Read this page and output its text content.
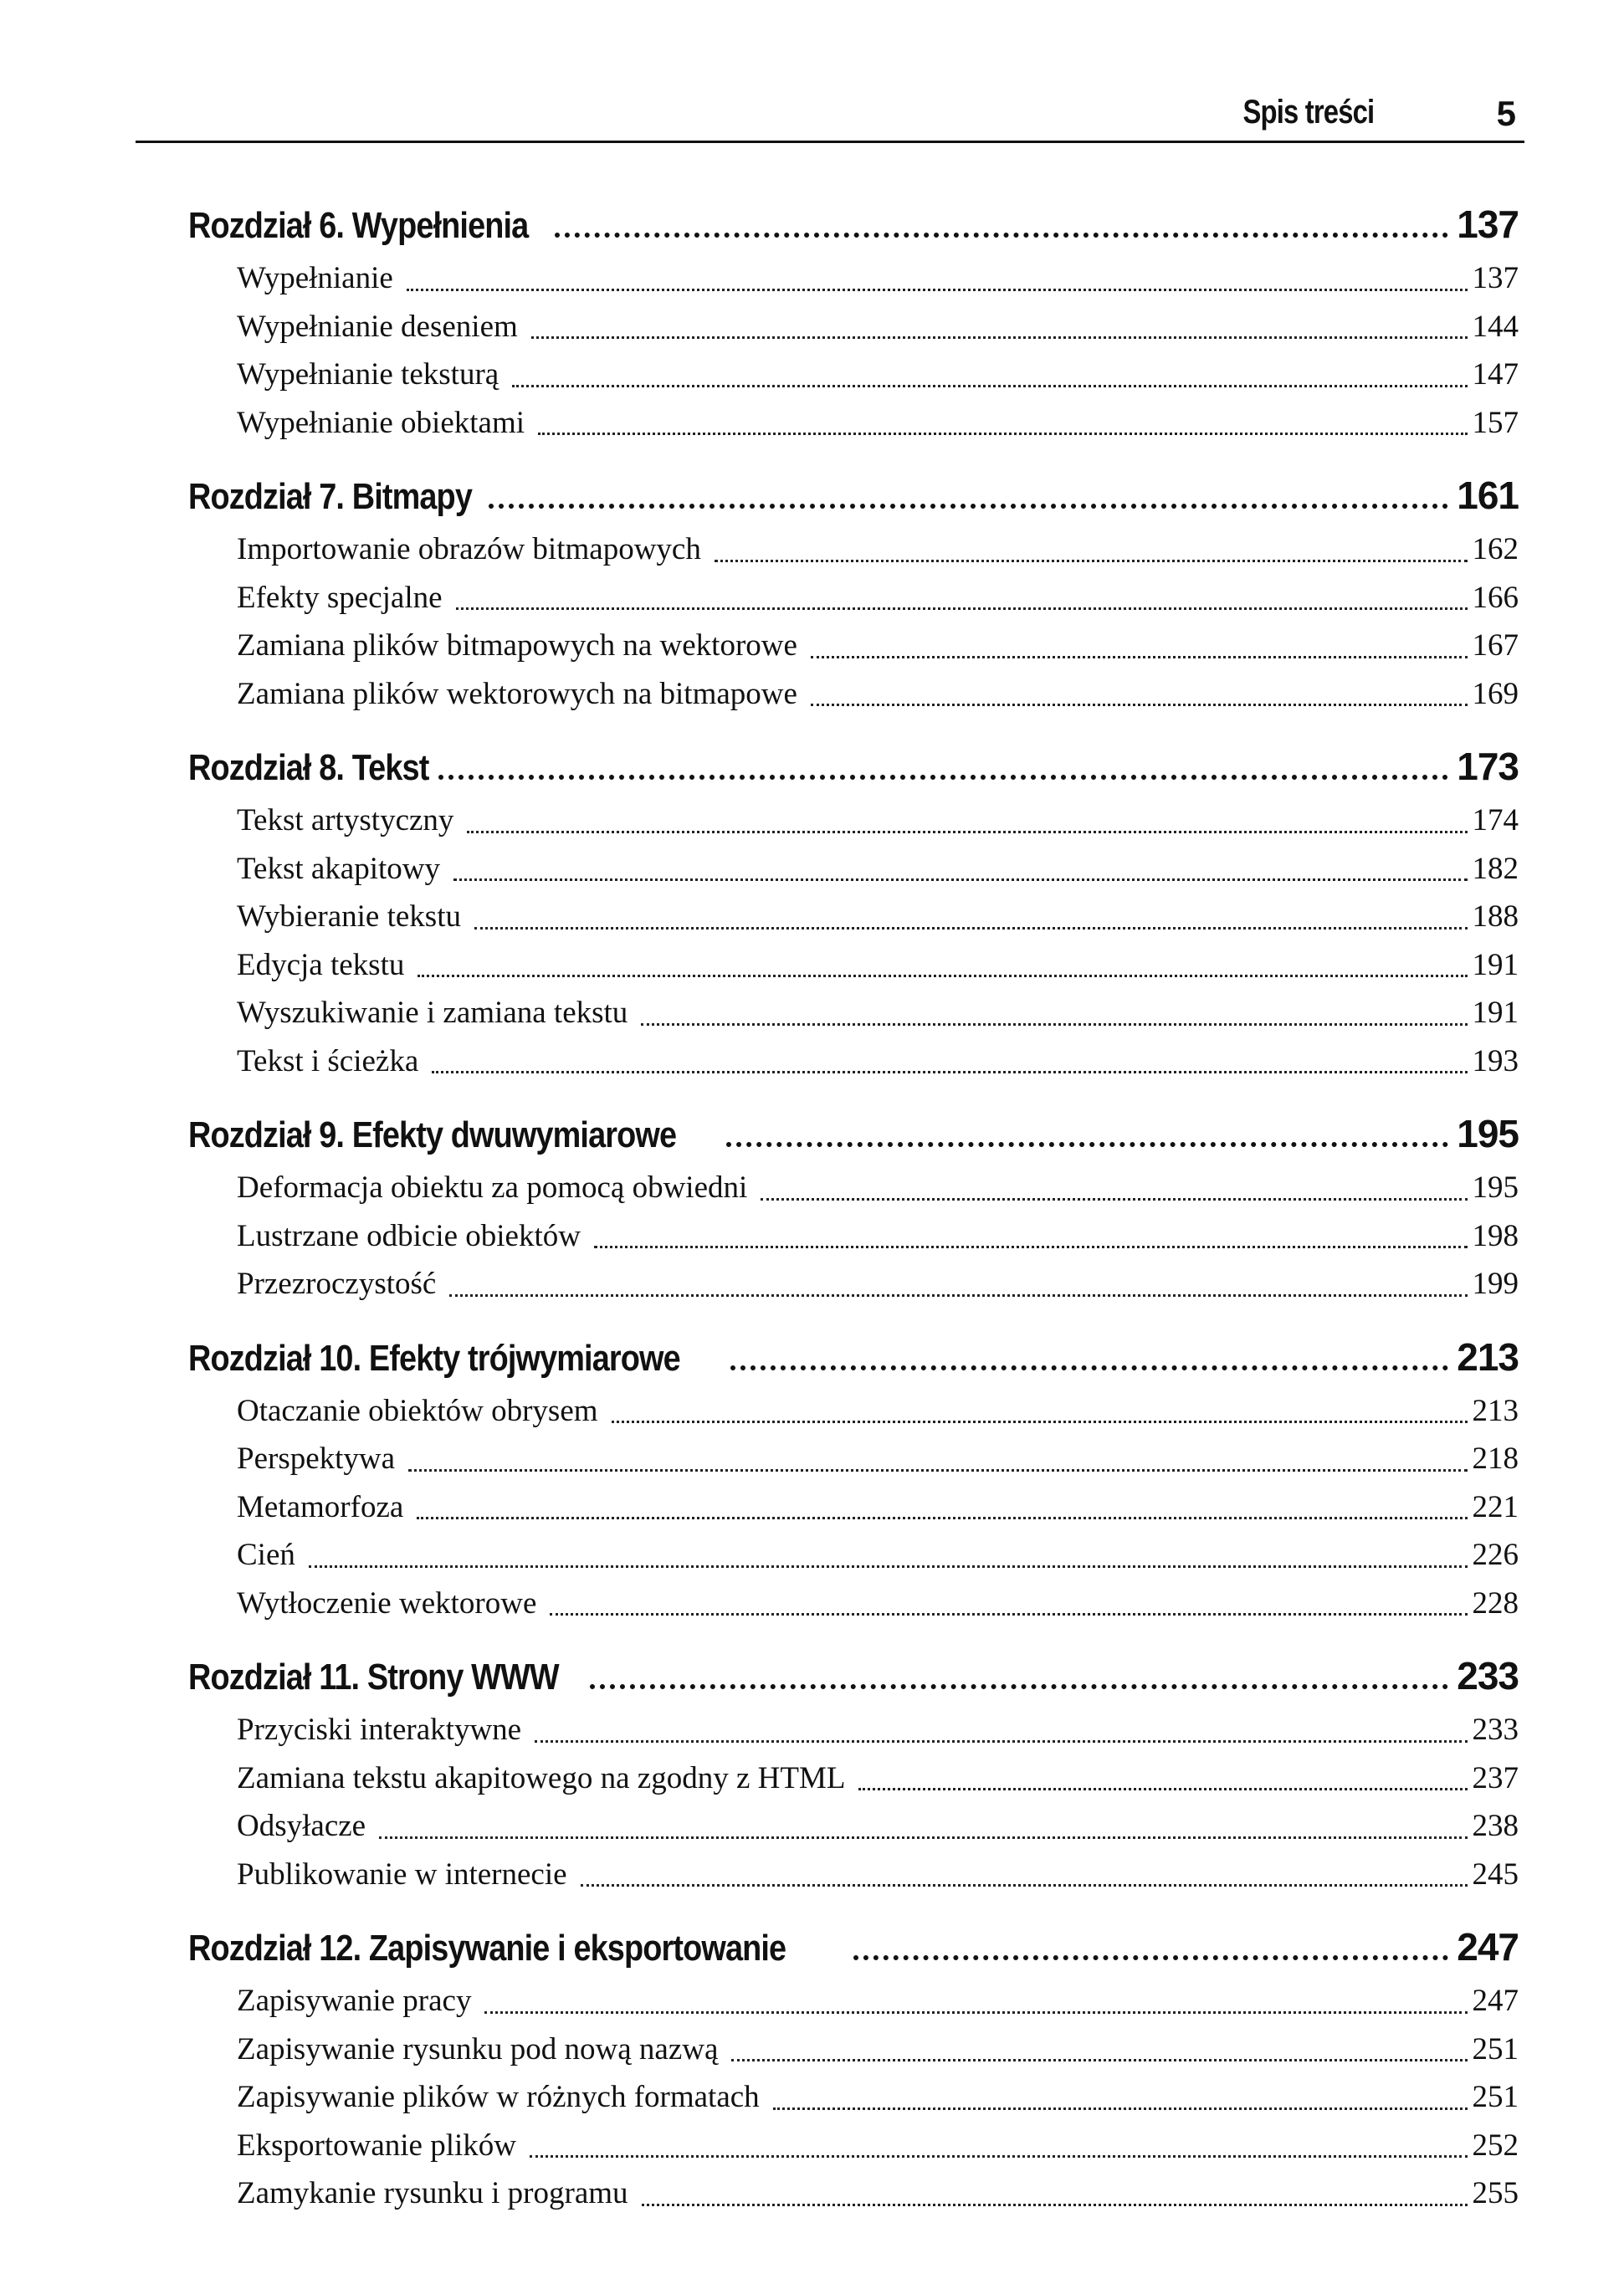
Spis treści	5
Rozdział 6. Wypełnienia	137
Wypełnianie	137
Wypełnianie deseniem	144
Wypełnianie teksturą	147
Wypełnianie obiektami	157
Rozdział 7. Bitmapy	161
Importowanie obrazów bitmapowych	162
Efekty specjalne	166
Zamiana plików bitmapowych na wektorowe	167
Zamiana plików wektorowych na bitmapowe	169
Rozdział 8. Tekst	173
Tekst artystyczny	174
Tekst akapitowy	182
Wybieranie tekstu	188
Edycja tekstu	191
Wyszukiwanie i zamiana tekstu	191
Tekst i ścieżka	193
Rozdział 9. Efekty dwuwymiarowe	195
Deformacja obiektu za pomocą obwiedni	195
Lustrzane odbicie obiektów	198
Przezroczystość	199
Rozdział 10. Efekty trójwymiarowe	213
Otaczanie obiektów obrysem	213
Perspektywa	218
Metamorfoza	221
Cień	226
Wytłoczenie wektorowe	228
Rozdział 11. Strony WWW	233
Przyciski interaktywne	233
Zamiana tekstu akapitowego na zgodny z HTML	237
Odsyłacze	238
Publikowanie w internecie	245
Rozdział 12. Zapisywanie i eksportowanie	247
Zapisywanie pracy	247
Zapisywanie rysunku pod nową nazwą	251
Zapisywanie plików w różnych formatach	251
Eksportowanie plików	252
Zamykanie rysunku i programu	255
